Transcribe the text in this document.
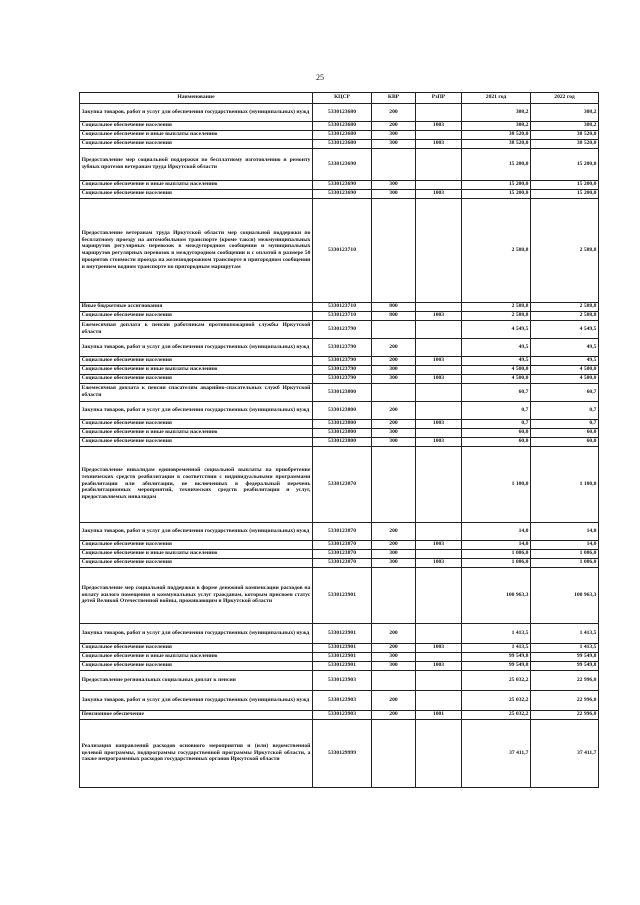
25
Наименование	КЦСР	КВР	РзПР	2021 год	2022 год
Закупка товаров, работ и услуг для обеспечения государственных (муниципальных) нужд	5330123680	200		308,2	308,2
Социальное обеспечение населения	5330123680	200	1003	308,2	308,2
Социальное обеспечение и иные выплаты населению	5330123680	300		38 520,0	38 520,0
Социальное обеспечение населения	5330123680	300	1003	38 520,0	38 520,0
Предоставление мер социальной поддержки по бесплатному изготовлению и ремонту зубных протезов ветеранам труда Иркутской области	5330123690			15 200,0	15 200,0
Социальное обеспечение и иные выплаты населению	5330123690	300		15 200,0	15 200,0
Социальное обеспечение населения	5330123690	300	1003	15 200,0	15 200,0
Предоставление ветеранам труда Иркутской области мер социальной поддержки по бесплатному проезду на автомобильном транспорте (кроме такси) межмуниципальных маршрутов регулярных перевозок в междугородном сообщении и муниципальных маршрутов регулярных перевозок в междугородном сообщении и с оплатой в размере 50 процентов стоимости проезда на железнодорожном транспорте в пригородном сообщении и внутреннем водном транспорте по пригородным маршрутам	5330123710			2 588,8	2 588,8
Иные бюджетные ассигнования	5330123710	800		2 588,8	2 588,8
Социальное обеспечение населения	5330123710	800	1003	2 588,8	2 588,8
Ежемесячная доплата к пенсии работникам противопожарной службы Иркутской области	5330123790			4 549,5	4 549,5
Закупка товаров, работ и услуг для обеспечения государственных (муниципальных) нужд	5330123790	200		49,5	49,5
Социальное обеспечение населения	5330123790	200	1003	49,5	49,5
Социальное обеспечение и иные выплаты населению	5330123790	300		4 500,0	4 500,0
Социальное обеспечение населения	5330123790	300	1003	4 500,0	4 500,0
Ежемесячная доплата к пенсии спасателям аварийно-спасательных служб Иркутской области	5330123800			60,7	60,7
Закупка товаров, работ и услуг для обеспечения государственных (муниципальных) нужд	5330123800	200		0,7	0,7
Социальное обеспечение населения	5330123800	200	1003	0,7	0,7
Социальное обеспечение и иные выплаты населению	5330123800	300		60,0	60,0
Социальное обеспечение населения	5330123800	300	1003	60,0	60,0
Предоставление инвалидам единовременной социальной выплаты на приобретение технических средств реабилитации в соответствии с индивидуальными программами реабилитации или абилитации, не включенных в федеральный перечень реабилитационных мероприятий, технических средств реабилитации и услуг, предоставляемых инвалидам	5330123870			1 100,0	1 100,0
Закупка товаров, работ и услуг для обеспечения государственных (муниципальных) нужд	5330123870	200		14,0	14,0
Социальное обеспечение населения	5330123870	200	1003	14,0	14,0
Социальное обеспечение и иные выплаты населению	5330123870	300		1 086,0	1 086,0
Социальное обеспечение населения	5330123870	300	1003	1 086,0	1 086,0
Предоставление мер социальной поддержки в форме денежной компенсации расходов на оплату жилого помещения и коммунальных услуг гражданам, которым присвоен статус детей Великой Отечественной войны, проживающим в Иркутской области	5330123901			100 963,3	100 963,3
Закупка товаров, работ и услуг для обеспечения государственных (муниципальных) нужд	5330123901	200		1 413,5	1 413,5
Социальное обеспечение населения	5330123901	200	1003	1 413,5	1 413,5
Социальное обеспечение и иные выплаты населению	5330123901	300		99 549,8	99 549,8
Социальное обеспечение населения	5330123901	300	1003	99 549,8	99 549,8
Предоставление региональных социальных доплат к пенсии	5330123903			25 032,2	22 996,0
Закупка товаров, работ и услуг для обеспечения государственных (муниципальных) нужд	5330123903	200		25 032,2	22 996,0
Пенсионное обеспечение	5330123903	200	1001	25 032,2	22 996,0
Реализация направлений расходов основного мероприятия и (или) ведомственной целевой программы, подпрограммы государственной программы Иркутской области, а также непрограммных расходов государственных органов Иркутской области	5330129999			37 411,7	37 411,7
